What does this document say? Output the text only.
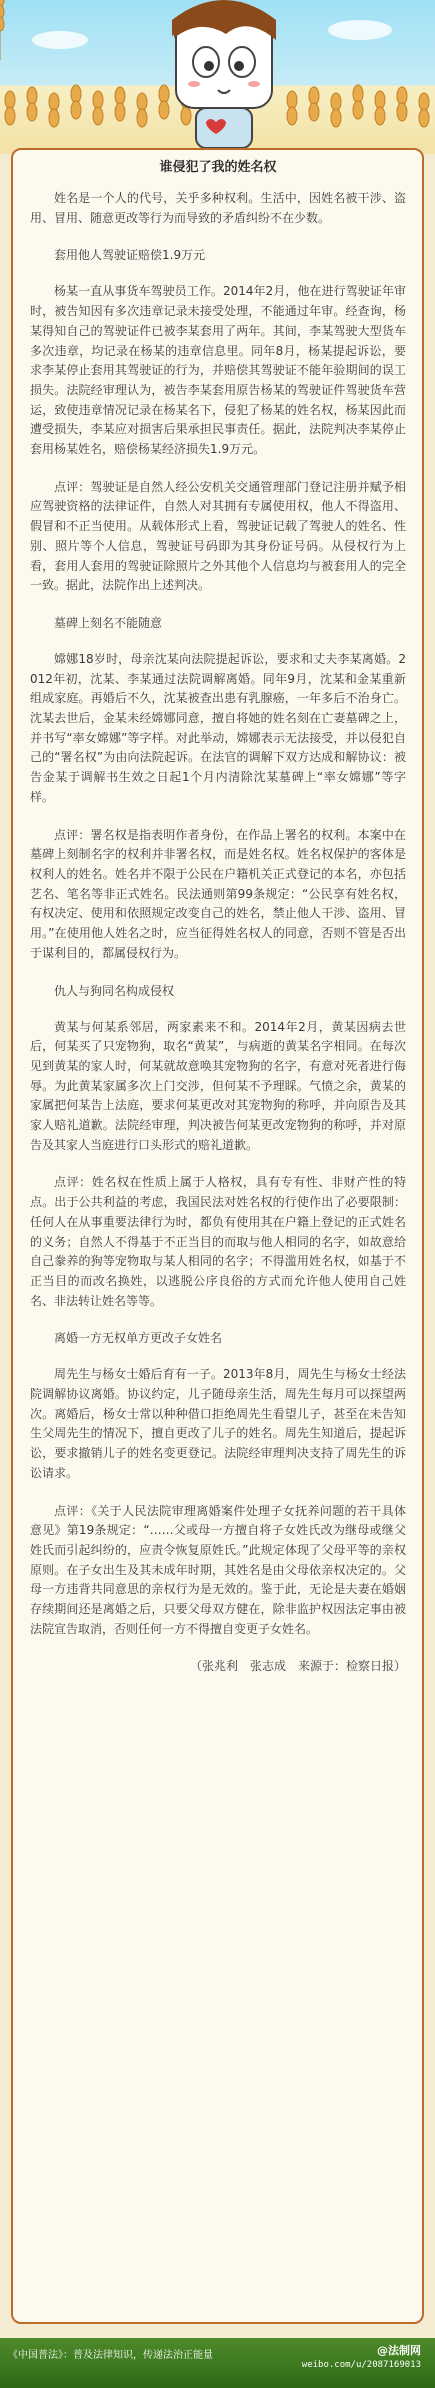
谁侵犯了我的姓名权

姓名是一个人的代号，关乎多种权利。生活中，因姓名被干涉、盗用、冒用、随意更改等行为而导致的矛盾纠纷不在少数。

套用他人驾驶证赔偿1.9万元

杨某一直从事货车驾驶员工作。2014年2月，他在进行驾驶证年审时，被告知因有多次违章记录未接受处理，不能通过年审。经查询，杨某得知自己的驾驶证件已被李某套用了两年。其间，李某驾驶大型货车多次违章，均记录在杨某的违章信息里。同年8月，杨某提起诉讼，要求李某停止套用其驾驶证的行为，并赔偿其驾驶证不能年验期间的误工损失。法院经审理认为，被告李某套用原告杨某的驾驶证件驾驶货车营运，致使违章情况记录在杨某名下，侵犯了杨某的姓名权，杨某因此而遭受损失，李某应对损害后果承担民事责任。据此，法院判决李某停止套用杨某姓名，赔偿杨某经济损失1.9万元。

点评：驾驶证是自然人经公安机关交通管理部门登记注册并赋予相应驾驶资格的法律证件，自然人对其拥有专属使用权，他人不得盗用、假冒和不正当使用。从载体形式上看，驾驶证记载了驾驶人的姓名、性别、照片等个人信息，驾驶证号码即为其身份证号码。从侵权行为上看，套用人套用的驾驶证除照片之外其他个人信息均与被套用人的完全一致。据此，法院作出上述判决。

墓碑上刻名不能随意

嫦娜18岁时，母亲沈某向法院提起诉讼，要求和丈夫李某离婚。2012年初，沈某、李某通过法院调解离婚。同年9月，沈某和金某重新组成家庭。再婚后不久，沈某被查出患有乳腺癌，一年多后不治身亡。沈某去世后，金某未经嫦娜同意，擅自将她的姓名刻在亡妻墓碑之上，并书写“率女嫦娜”等字样。对此举动，嫦娜表示无法接受，并以侵犯自己的“署名权”为由向法院起诉。在法官的调解下双方达成和解协议：被告金某于调解书生效之日起1个月内清除沈某墓碑上“率女嫦娜”等字样。

点评：署名权是指表明作者身份，在作品上署名的权利。本案中在墓碑上刻制名字的权利并非署名权，而是姓名权。姓名权保护的客体是权利人的姓名。姓名并不限于公民在户籍机关正式登记的本名，亦包括艺名、笔名等非正式姓名。民法通则第99条规定：“公民享有姓名权，有权决定、使用和依照规定改变自己的姓名，禁止他人干涉、盗用、冒用。”在使用他人姓名之时，应当征得姓名权人的同意，否则不管是否出于谋利目的，都属侵权行为。

仇人与狗同名构成侵权

黄某与何某系邻居，两家素来不和。2014年2月，黄某因病去世后，何某买了只宠物狗，取名“黄某”，与病逝的黄某名字相同。在每次见到黄某的家人时，何某就故意唤其宠物狗的名字，有意对死者进行侮辱。为此黄某家属多次上门交涉，但何某不予理睬。气愤之余，黄某的家属把何某告上法庭，要求何某更改对其宠物狗的称呼，并向原告及其家人赔礼道歉。法院经审理，判决被告何某更改宠物狗的称呼，并对原告及其家人当庭进行口头形式的赔礼道歉。

点评：姓名权在性质上属于人格权，具有专有性、非财产性的特点。出于公共利益的考虑，我国民法对姓名权的行使作出了必要限制：任何人在从事重要法律行为时，都负有使用其在户籍上登记的正式姓名的义务；自然人不得基于不正当目的而取与他人相同的名字，如故意给自己豢养的狗等宠物取与某人相同的名字；不得滥用姓名权，如基于不正当目的而改名换姓，以逃脱公序良俗的方式而允许他人使用自己姓名、非法转让姓名等等。

离婚一方无权单方更改子女姓名

周先生与杨女士婚后育有一子。2013年8月，周先生与杨女士经法院调解协议离婚。协议约定，儿子随母亲生活，周先生每月可以探望两次。离婚后，杨女士常以种种借口拒绝周先生看望儿子，甚至在未告知生父周先生的情况下，擅自更改了儿子的姓名。周先生知道后，提起诉讼，要求撤销儿子的姓名变更登记。法院经审理判决支持了周先生的诉讼请求。

点评：《关于人民法院审理离婚案件处理子女抚养问题的若干具体意见》第19条规定：“……父或母一方擅自将子女姓氏改为继母或继父姓氏而引起纠纷的，应责令恢复原姓氏。”此规定体现了父母平等的亲权原则。在子女出生及其未成年时期，其姓名是由父母依亲权决定的。父母一方违背共同意思的亲权行为是无效的。鉴于此，无论是夫妻在婚姻存续期间还是离婚之后，只要父母双方健在，除非监护权因法定事由被法院宣告取消，否则任何一方不得擅自变更子女姓名。

（张兆利　张志成　来源于：检察日报）

《中国普法》：普及法律知识，传递法治正能量	@法制网
weibo.com/u/2087169013
